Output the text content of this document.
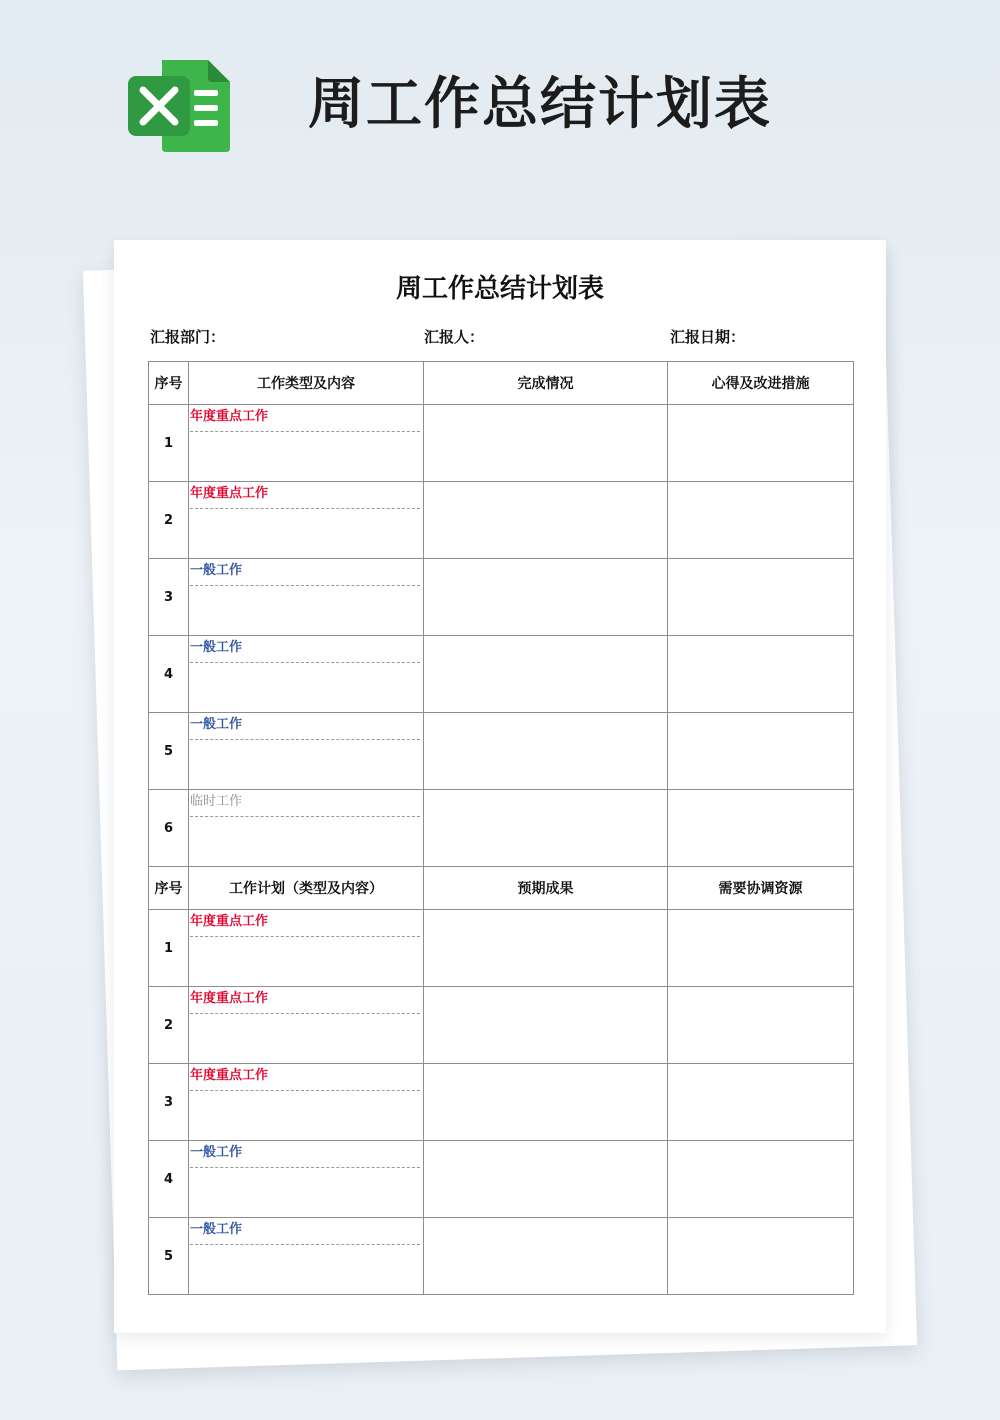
周工作总结计划表
周工作总结计划表
汇报部门：	汇报人：	汇报日期：
序号	工作类型及内容	完成情况	心得及改进措施
1	年度重点工作		

2	年度重点工作		

3	一般工作		

4	一般工作		

5	一般工作		

6	临时工作		

序号	工作计划（类型及内容）	预期成果	需要协调资源
1	年度重点工作		

2	年度重点工作		

3	年度重点工作		

4	一般工作		

5	一般工作		
